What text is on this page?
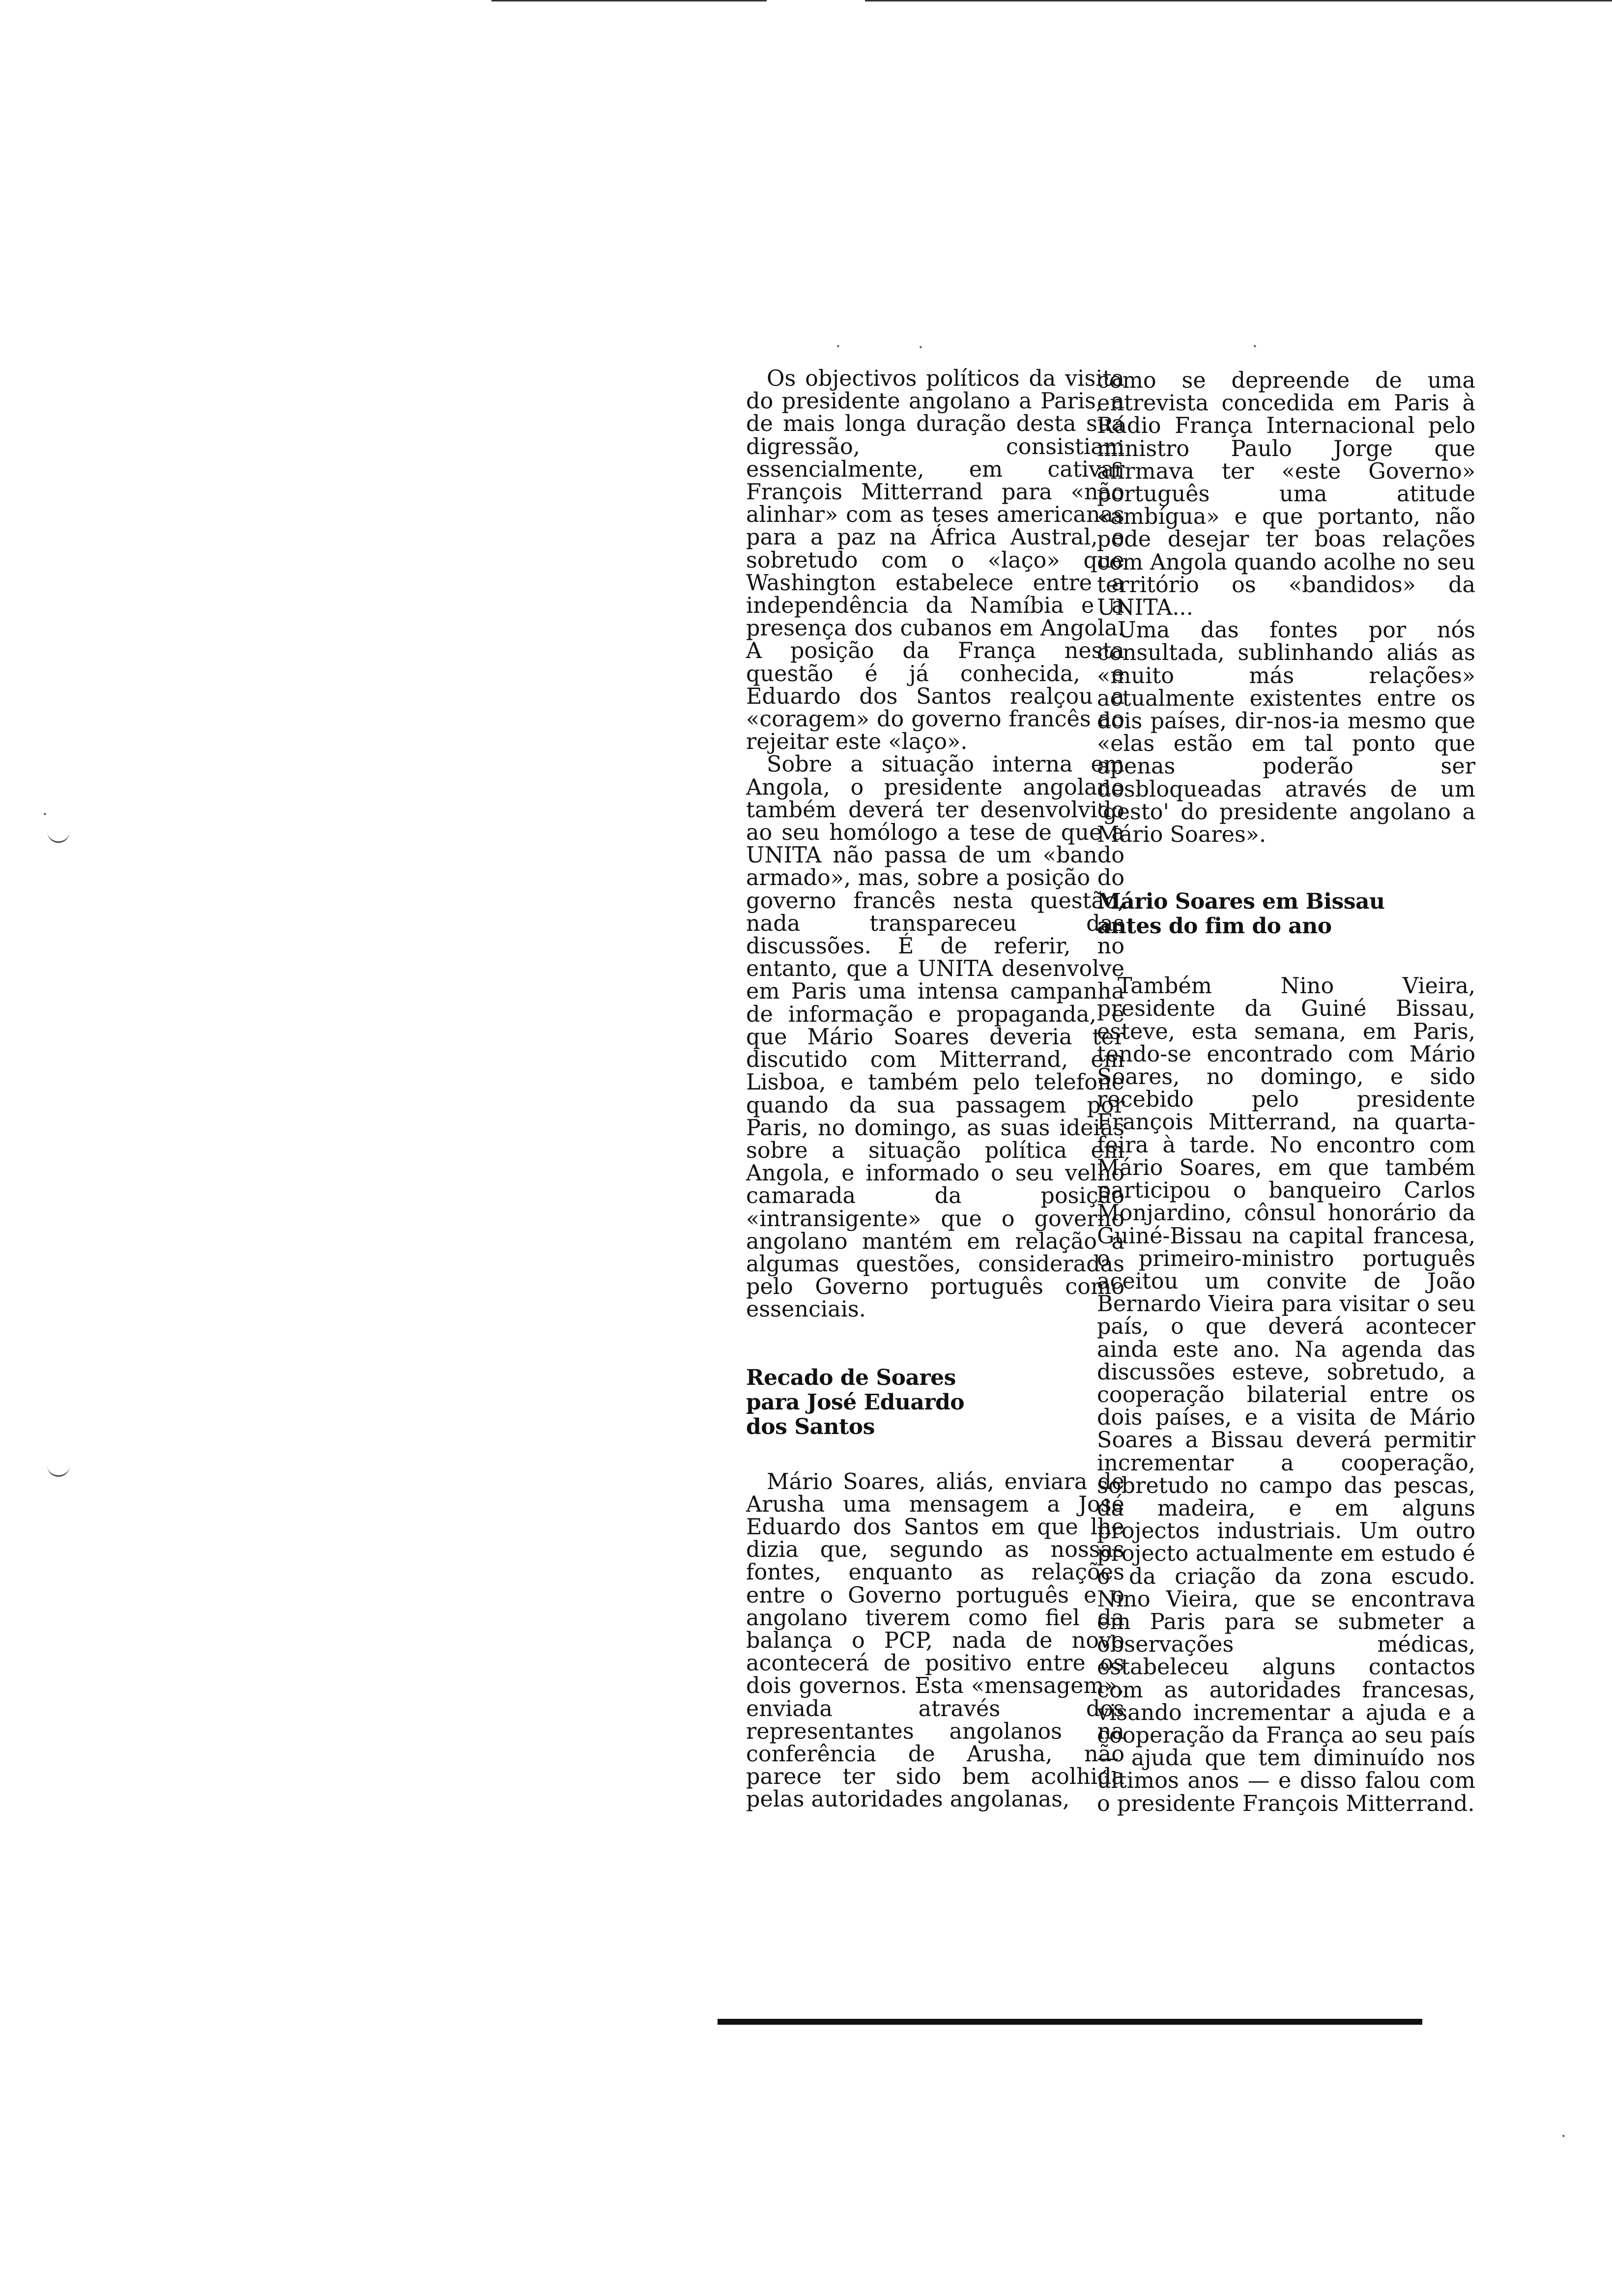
·	·	·
·
·

Os objectivos políticos da visita do presidente angolano a Paris, a de mais longa duração desta sua digressão, consistiam essencialmente, em cativar François Mitterrand para «não alinhar» com as teses americanas para a paz na África Austral, e sobretudo com o «laço» que Washington estabelece entre a independência da Namíbia e a presença dos cubanos em Angola. A posição da França nesta questão é já conhecida, e Eduardo dos Santos realçou a «coragem» do governo francês ao rejeitar este «laço».

Sobre a situação interna em Angola, o presidente angolano também deverá ter desenvolvido ao seu homólogo a tese de que a UNITA não passa de um «bando armado», mas, sobre a posição do governo francês nesta questão, nada transpareceu das discussões. É de referir, no entanto, que a UNITA desenvolve em Paris uma intensa campanha de informação e propaganda, e que Mário Soares deveria ter discutido com Mitterrand, em Lisboa, e também pelo telefone quando da sua passagem por Paris, no domingo, as suas ideias sobre a situação política em Angola, e informado o seu velho camarada da posição «intransigente» que o governo angolano mantém em relação a algumas questões, consideradas pelo Governo português como essenciais.

Recado de Soares para José Eduardo dos Santos

Mário Soares, aliás, enviara de Arusha uma mensagem a José Eduardo dos Santos em que lhe dizia que, segundo as nossas fontes, enquanto as relações entre o Governo português e o angolano tiverem como fiel da balança o PCP, nada de novo acontecerá de positivo entre os dois governos. Esta «mensagem», enviada através dos representantes angolanos na conferência de Arusha, não parece ter sido bem acolhida pelas autoridades angolanas,

como se depreende de uma entrevista concedida em Paris à Rádio França Internacional pelo ministro Paulo Jorge que afirmava ter «este Governo» português uma atitude «ambígua» e que portanto, não pode desejar ter boas relações com Angola quando acolhe no seu território os «bandidos» da UNITA...

Uma das fontes por nós consultada, sublinhando aliás as «muito más relações» actualmente existentes entre os dois países, dir-nos-ia mesmo que «elas estão em tal ponto que apenas poderão ser desbloqueadas através de um 'gesto' do presidente angolano a Mário Soares».

Mário Soares em Bissau antes do fim do ano

Também Nino Vieira, presidente da Guiné Bissau, esteve, esta semana, em Paris, tendo-se encontrado com Mário Soares, no domingo, e sido recebido pelo presidente François Mitterrand, na quarta-feira à tarde. No encontro com Mário Soares, em que também participou o banqueiro Carlos Monjardino, cônsul honorário da Guiné-Bissau na capital francesa, o primeiro-ministro português aceitou um convite de João Bernardo Vieira para visitar o seu país, o que deverá acontecer ainda este ano. Na agenda das discussões esteve, sobretudo, a cooperação bilaterial entre os dois países, e a visita de Mário Soares a Bissau deverá permitir incrementar a cooperação, sobretudo no campo das pescas, da madeira, e em alguns projectos industriais. Um outro projecto actualmente em estudo é o da criação da zona escudo. Nino Vieira, que se encontrava em Paris para se submeter a observações médicas, estabeleceu alguns contactos com as autoridades francesas, visando incrementar a ajuda e a cooperação da França ao seu país — ajuda que tem diminuído nos últimos anos — e disso falou com o presidente François Mitterrand.
